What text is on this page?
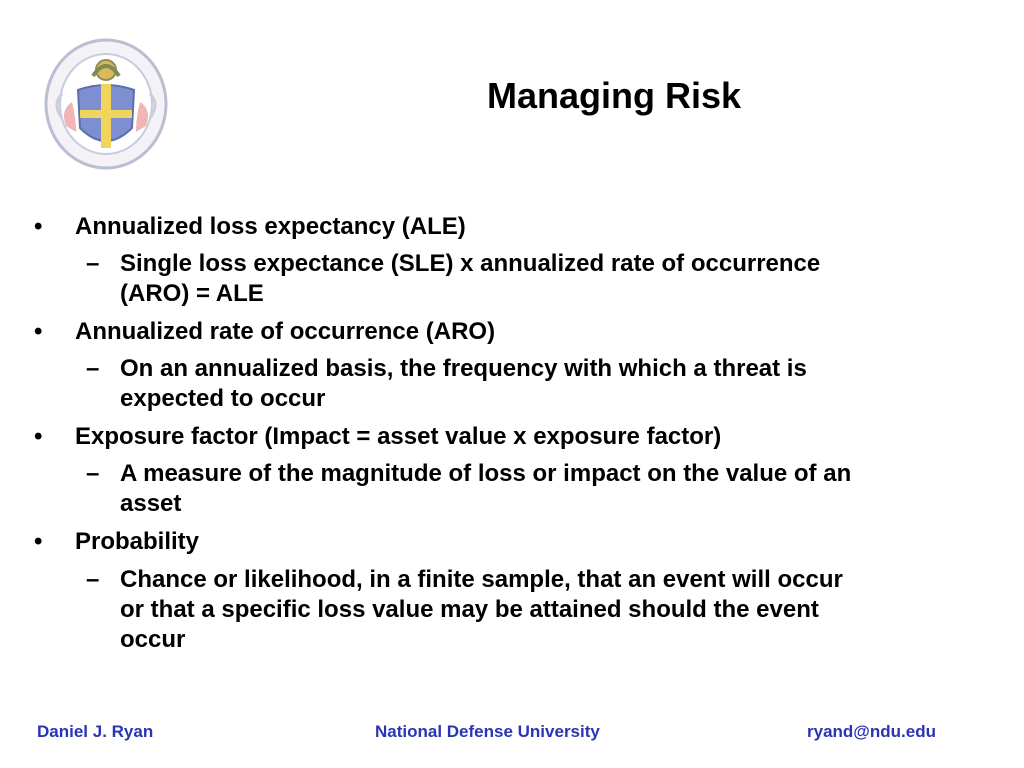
Managing Risk
•	Annualized loss expectancy (ALE)
– Single loss expectance (SLE) x annualized rate of occurrence
(ARO) = ALE
•	Annualized rate of occurrence (ARO)
– On an annualized basis, the frequency with which a threat is
expected to occur
•	Exposure factor (Impact = asset value x exposure factor)
– A measure of the magnitude of loss or impact on the value of an
asset
•	Probability
– Chance or likelihood, in a finite sample, that an event will occur
or that a specific loss value may be attained should the event
occur
Daniel J. Ryan	National Defense University	ryand@ndu.edu
